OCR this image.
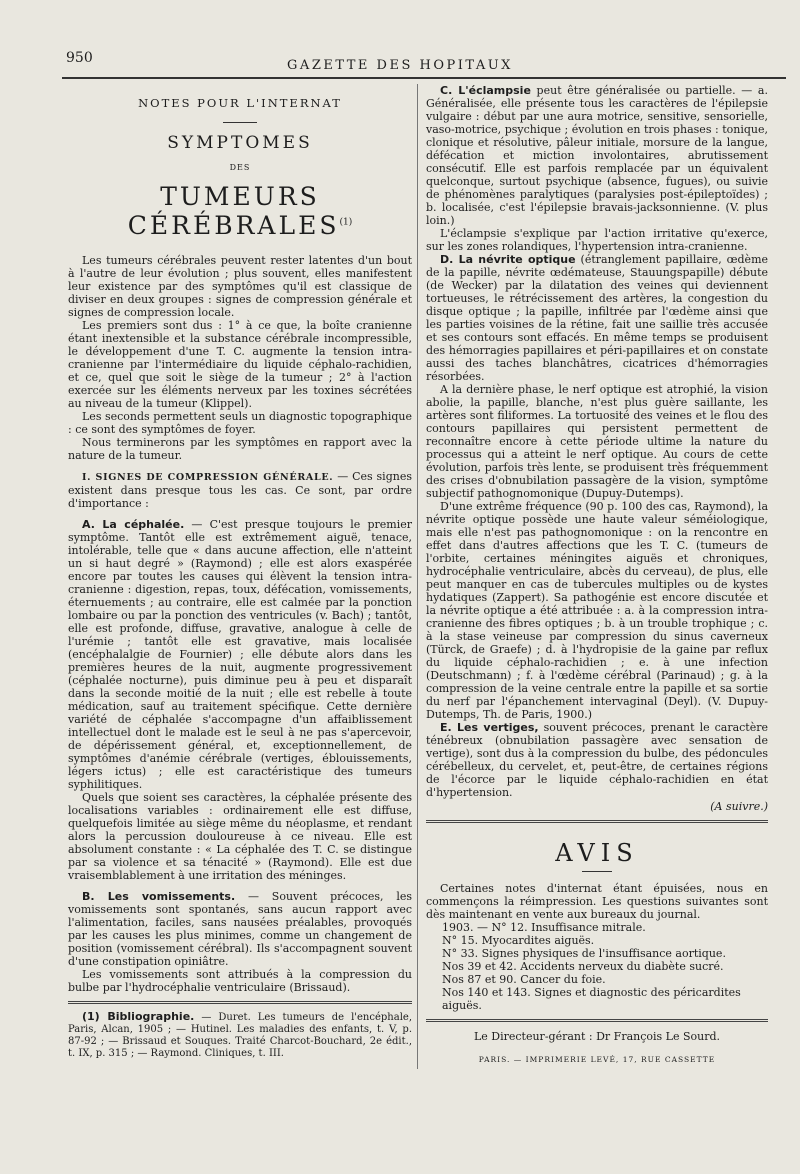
950	GAZETTE DES HOPITAUX
NOTES POUR L'INTERNAT
SYMPTOMES
DES
TUMEURS CÉRÉBRALES$^{(1)}$

Les tumeurs cérébrales peuvent rester latentes d'un bout à l'autre de leur évolution ; plus souvent, elles manifestent leur existence par des symptômes qu'il est classique de diviser en deux groupes : signes de compression générale et signes de compression locale.

Les premiers sont dus : 1° à ce que, la boîte cranienne étant inextensible et la substance cérébrale incompressible, le développement d'une T. C. augmente la tension intra-cranienne par l'intermédiaire du liquide céphalo-rachidien, et ce, quel que soit le siège de la tumeur ; 2° à l'action exercée sur les éléments nerveux par les toxines sécrétées au niveau de la tumeur (Klippel).

Les seconds permettent seuls un diagnostic topographique : ce sont des symptômes de foyer.

Nous terminerons par les symptômes en rapport avec la nature de la tumeur.

I. SIGNES DE COMPRESSION GÉNÉRALE. — Ces signes existent dans presque tous les cas. Ce sont, par ordre d'importance :

A. La céphalée. — C'est presque toujours le premier symptôme. Tantôt elle est extrêmement aiguë, tenace, intolérable, telle que « dans aucune affection, elle n'atteint un si haut degré » (Raymond) ; elle est alors exaspérée encore par toutes les causes qui élèvent la tension intra-cranienne : digestion, repas, toux, défécation, vomissements, éternuements ; au contraire, elle est calmée par la ponction lombaire ou par la ponction des ventricules (v. Bach) ; tantôt, elle est profonde, diffuse, gravative, analogue à celle de l'urémie ; tantôt elle est gravative, mais localisée (encéphalalgie de Fournier) ; elle débute alors dans les premières heures de la nuit, augmente progressivement (céphalée nocturne), puis diminue peu à peu et disparaît dans la seconde moitié de la nuit ; elle est rebelle à toute médication, sauf au traitement spécifique. Cette dernière variété de céphalée s'accompagne d'un affaiblissement intellectuel dont le malade est le seul à ne pas s'apercevoir, de dépérissement général, et, exceptionnellement, de symptômes d'anémie cérébrale (vertiges, éblouissements, légers ictus) ; elle est caractéristique des tumeurs syphilitiques.

Quels que soient ses caractères, la céphalée présente des localisations variables : ordinairement elle est diffuse, quelquefois limitée au siège même du néoplasme, et rendant alors la percussion douloureuse à ce niveau. Elle est absolument constante : « La céphalée des T. C. se distingue par sa violence et sa ténacité » (Raymond). Elle est due vraisemblablement à une irritation des méninges.

B. Les vomissements. — Souvent précoces, les vomissements sont spontanés, sans aucun rapport avec l'alimentation, faciles, sans nausées préalables, provoqués par les causes les plus minimes, comme un changement de position (vomissement cérébral). Ils s'accompagnent souvent d'une constipation opiniâtre.

Les vomissements sont attribués à la compression du bulbe par l'hydrocéphalie ventriculaire (Brissaud).

(1) Bibliographie. — Duret. Les tumeurs de l'encéphale, Paris, Alcan, 1905 ; — Hutinel. Les maladies des enfants, t. V, p. 87-92 ; — Brissaud et Souques. Traité Charcot-Bouchard, 2e édit., t. IX, p. 315 ; — Raymond. Cliniques, t. III.

C. L'éclampsie peut être généralisée ou partielle. — a. Généralisée, elle présente tous les caractères de l'épilepsie vulgaire : début par une aura motrice, sensitive, sensorielle, vaso-motrice, psychique ; évolution en trois phases : tonique, clonique et résolutive, pâleur initiale, morsure de la langue, défécation et miction involontaires, abrutissement consécutif. Elle est parfois remplacée par un équivalent quelconque, surtout psychique (absence, fugues), ou suivie de phénomènes paralytiques (paralysies post-épileptoïdes) ; b. localisée, c'est l'épilepsie bravais-jacksonnienne. (V. plus loin.)

L'éclampsie s'explique par l'action irritative qu'exerce, sur les zones rolandiques, l'hypertension intra-cranienne.

D. La névrite optique (étranglement papillaire, œdème de la papille, névrite œdémateuse, Stauungspapille) débute (de Wecker) par la dilatation des veines qui deviennent tortueuses, le rétrécissement des artères, la congestion du disque optique ; la papille, infiltrée par l'œdème ainsi que les parties voisines de la rétine, fait une saillie très accusée et ses contours sont effacés. En même temps se produisent des hémorragies papillaires et péri-papillaires et on constate aussi des taches blanchâtres, cicatrices d'hémorragies résorbées.

A la dernière phase, le nerf optique est atrophié, la vision abolie, la papille, blanche, n'est plus guère saillante, les artères sont filiformes. La tortuosité des veines et le flou des contours papillaires qui persistent permettent de reconnaître encore à cette période ultime la nature du processus qui a atteint le nerf optique. Au cours de cette évolution, parfois très lente, se produisent très fréquemment des crises d'obnubilation passagère de la vision, symptôme subjectif pathognomonique (Dupuy-Dutemps).

D'une extrême fréquence (90 p. 100 des cas, Raymond), la névrite optique possède une haute valeur séméiologique, mais elle n'est pas pathognomonique : on la rencontre en effet dans d'autres affections que les T. C. (tumeurs de l'orbite, certaines méningites aiguës et chroniques, hydrocéphalie ventriculaire, abcès du cerveau), de plus, elle peut manquer en cas de tubercules multiples ou de kystes hydatiques (Zappert). Sa pathogénie est encore discutée et la névrite optique a été attribuée : a. à la compression intra-cranienne des fibres optiques ; b. à un trouble trophique ; c. à la stase veineuse par compression du sinus caverneux (Türck, de Graefe) ; d. à l'hydropisie de la gaine par reflux du liquide céphalo-rachidien ; e. à une infection (Deutschmann) ; f. à l'œdème cérébral (Parinaud) ; g. à la compression de la veine centrale entre la papille et sa sortie du nerf par l'épanchement intervaginal (Deyl). (V. Dupuy-Dutemps, Th. de Paris, 1900.)

E. Les vertiges, souvent précoces, prenant le caractère ténébreux (obnubilation passagère avec sensation de vertige), sont dus à la compression du bulbe, des pédoncules cérébelleux, du cervelet, et, peut-être, de certaines régions de l'écorce par le liquide céphalo-rachidien en état d'hypertension.

(A suivre.)
AVIS

Certaines notes d'internat étant épuisées, nous en commençons la réimpression. Les questions suivantes sont dès maintenant en vente aux bureaux du journal.

1903. — N° 12. Insuffisance mitrale.
N° 15. Myocardites aiguës.
N° 33. Signes physiques de l'insuffisance aortique.
Nos 39 et 42. Accidents nerveux du diabète sucré.
Nos 87 et 90. Cancer du foie.
Nos 140 et 143. Signes et diagnostic des péricardites aiguës.
Le Directeur-gérant : Dr François Le Sourd.
PARIS. — IMPRIMERIE LEVÉ, 17, RUE CASSETTE
